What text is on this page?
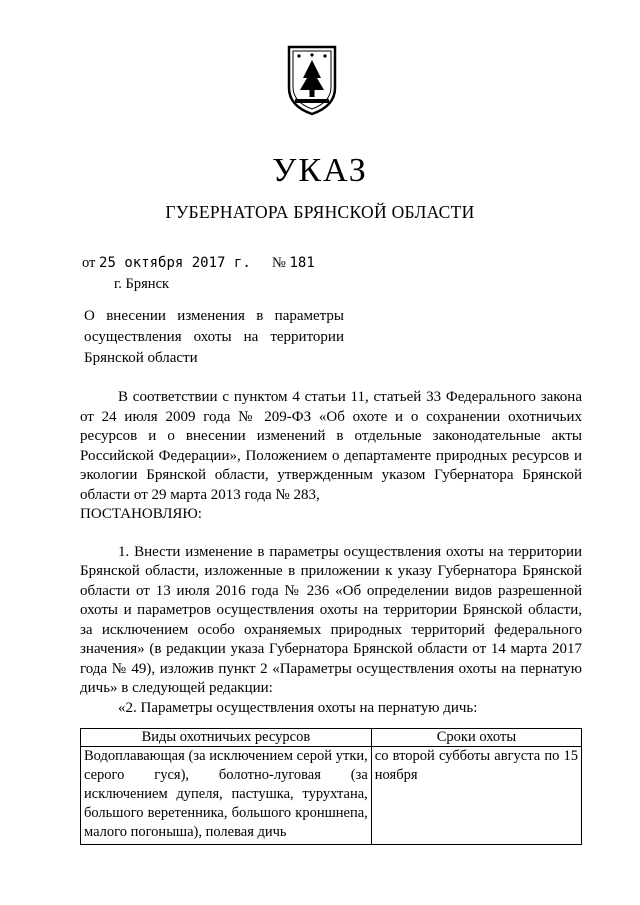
УКАЗ
ГУБЕРНАТОРА БРЯНСКОЙ ОБЛАСТИ
от 25 октября 2017 г. № 181
г. Брянск
О внесении изменения в параметры
осуществления охоты на территории
Брянской области

В соответствии с пунктом 4 статьи 11, статьей 33 Федерального закона от 24 июля 2009 года № 209-ФЗ «Об охоте и о сохранении охотничьих ресурсов и о внесении изменений в отдельные законодательные акты Российской Федерации», Положением о департаменте природных ресурсов и экологии Брянской области, утвержденным указом Губернатора Брянской области от 29 марта 2013 года № 283,

ПОСТАНОВЛЯЮ:

1. Внести изменение в параметры осуществления охоты на территории Брянской области, изложенные в приложении к указу Губернатора Брянской области от 13 июля 2016 года № 236 «Об определении видов разрешенной охоты и параметров осуществления охоты на территории Брянской области, за исключением особо охраняемых природных территорий федерального значения» (в редакции указа Губернатора Брянской области от 14 марта 2017 года № 49), изложив пункт 2 «Параметры осуществления охоты на пернатую дичь» в следующей редакции:

«2. Параметры осуществления охоты на пернатую дичь:

Виды охотничьих ресурсов	Сроки охоты
Водоплавающая (за исключением серой утки, серого гуся), болотно-луговая (за исключением дупеля, пастушка, турухтана, большого веретенника, большого кроншнепа, малого погоныша), полевая дичь	со второй субботы августа по 15 ноября
